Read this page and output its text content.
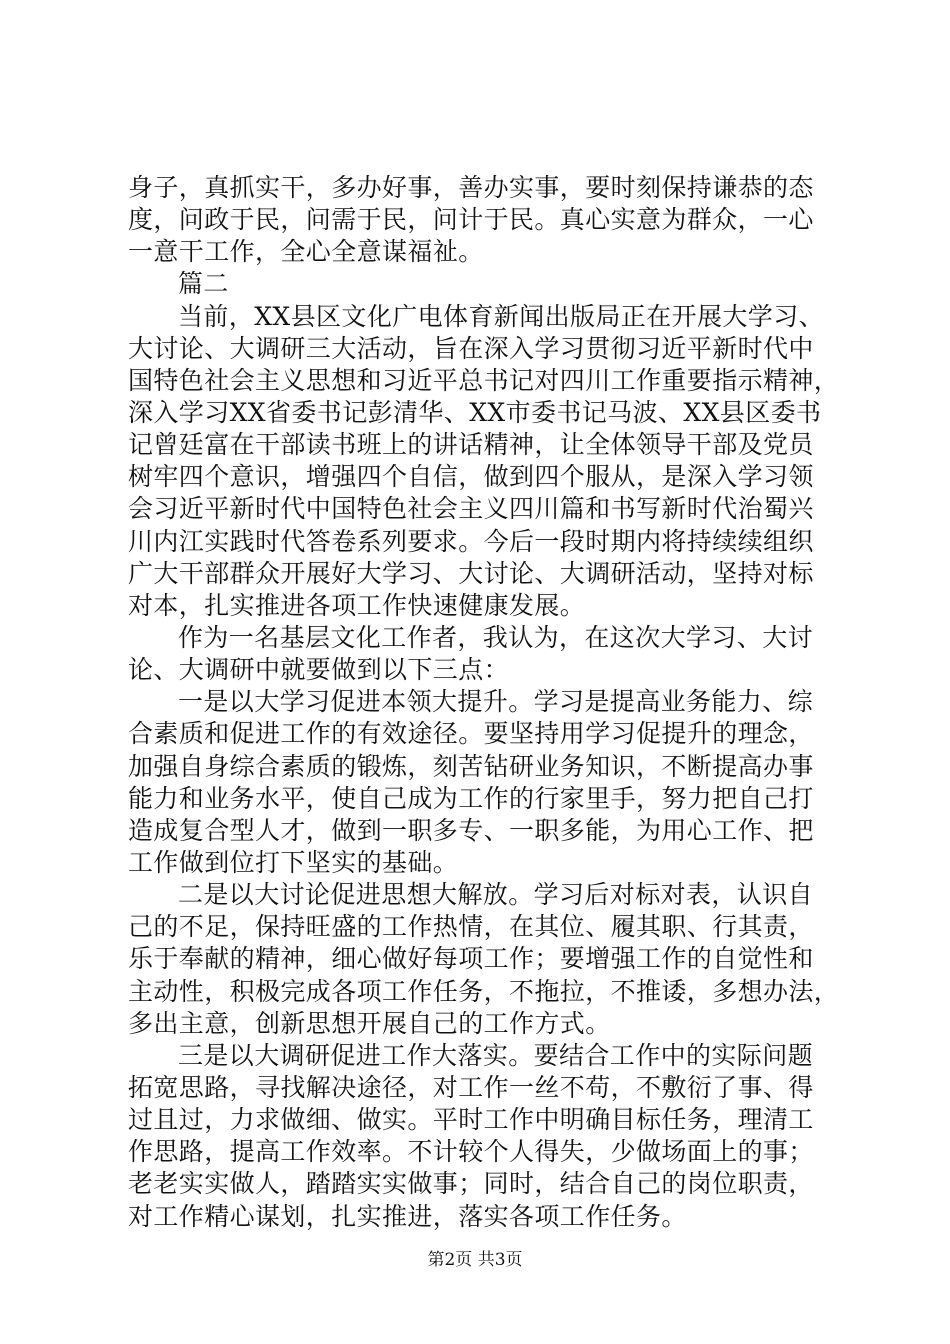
身子，真抓实干，多办好事，善办实事，要时刻保持谦恭的态
度，问政于民，问需于民，问计于民。真心实意为群众，一心
一意干工作，全心全意谋福祉。
篇二
当前，XX县区文化广电体育新闻出版局正在开展大学习、
大讨论、大调研三大活动，旨在深入学习贯彻习近平新时代中
国特色社会主义思想和习近平总书记对四川工作重要指示精神，
深入学习XX省委书记彭清华、XX市委书记马波、XX县区委书
记曾廷富在干部读书班上的讲话精神，让全体领导干部及党员
树牢四个意识，增强四个自信，做到四个服从，是深入学习领
会习近平新时代中国特色社会主义四川篇和书写新时代治蜀兴
川内江实践时代答卷系列要求。今后一段时期内将持续续组织
广大干部群众开展好大学习、大讨论、大调研活动，坚持对标
对本，扎实推进各项工作快速健康发展。
作为一名基层文化工作者，我认为，在这次大学习、大讨
论、大调研中就要做到以下三点：
一是以大学习促进本领大提升。学习是提高业务能力、综
合素质和促进工作的有效途径。要坚持用学习促提升的理念，
加强自身综合素质的锻炼，刻苦钻研业务知识，不断提高办事
能力和业务水平，使自己成为工作的行家里手，努力把自己打
造成复合型人才，做到一职多专、一职多能，为用心工作、把
工作做到位打下坚实的基础。
二是以大讨论促进思想大解放。学习后对标对表，认识自
己的不足，保持旺盛的工作热情，在其位、履其职、行其责，
乐于奉献的精神，细心做好每项工作；要增强工作的自觉性和
主动性，积极完成各项工作任务，不拖拉，不推诿，多想办法，
多出主意，创新思想开展自己的工作方式。
三是以大调研促进工作大落实。要结合工作中的实际问题
拓宽思路，寻找解决途径，对工作一丝不苟，不敷衍了事、得
过且过，力求做细、做实。平时工作中明确目标任务，理清工
作思路，提高工作效率。不计较个人得失，少做场面上的事；
老老实实做人，踏踏实实做事；同时，结合自己的岗位职责，
对工作精心谋划，扎实推进，落实各项工作任务。
第2页 共3页
